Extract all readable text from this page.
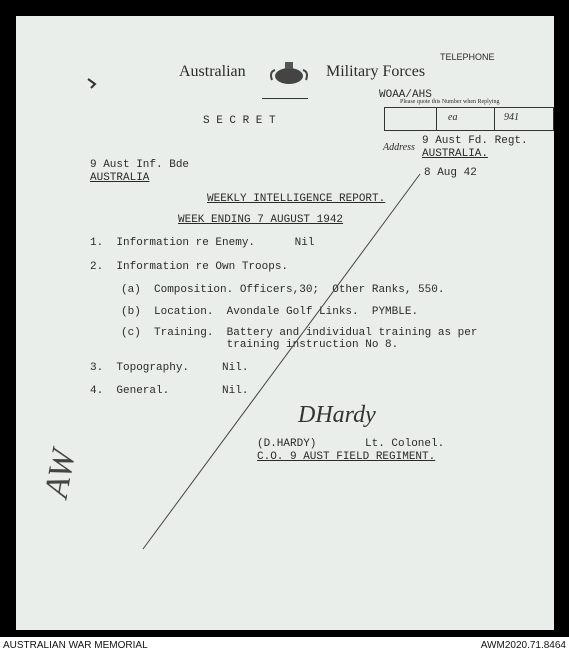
Australian	Military Forces
TELEPHONE
WOAA/AHS
Please quote this Number when Replying
ea	941
S E C R E T
Address
9 Aust Fd. Regt.
AUSTRALIA.
8 Aug 42
9 Aust Inf. Bde
AUSTRALIA
WEEKLY INTELLIGENCE REPORT.
WEEK ENDING 7 AUGUST 1942
1.  Information re Enemy.      Nil
2.  Information re Own Troops.
(a)  Composition. Officers,30;  Other Ranks, 550.
(b)  Location.  Avondale Golf Links.  PYMBLE.
(c)  Training.  Battery and individual training as per
training instruction No 8.
3.  Topography.     Nil.
4.  General.        Nil.
DHardy
(D.HARDY)	Lt. Colonel.
C.O. 9 AUST FIELD REGIMENT.
AW
AUSTRALIAN WAR MEMORIAL	AWM2020.71.8464
